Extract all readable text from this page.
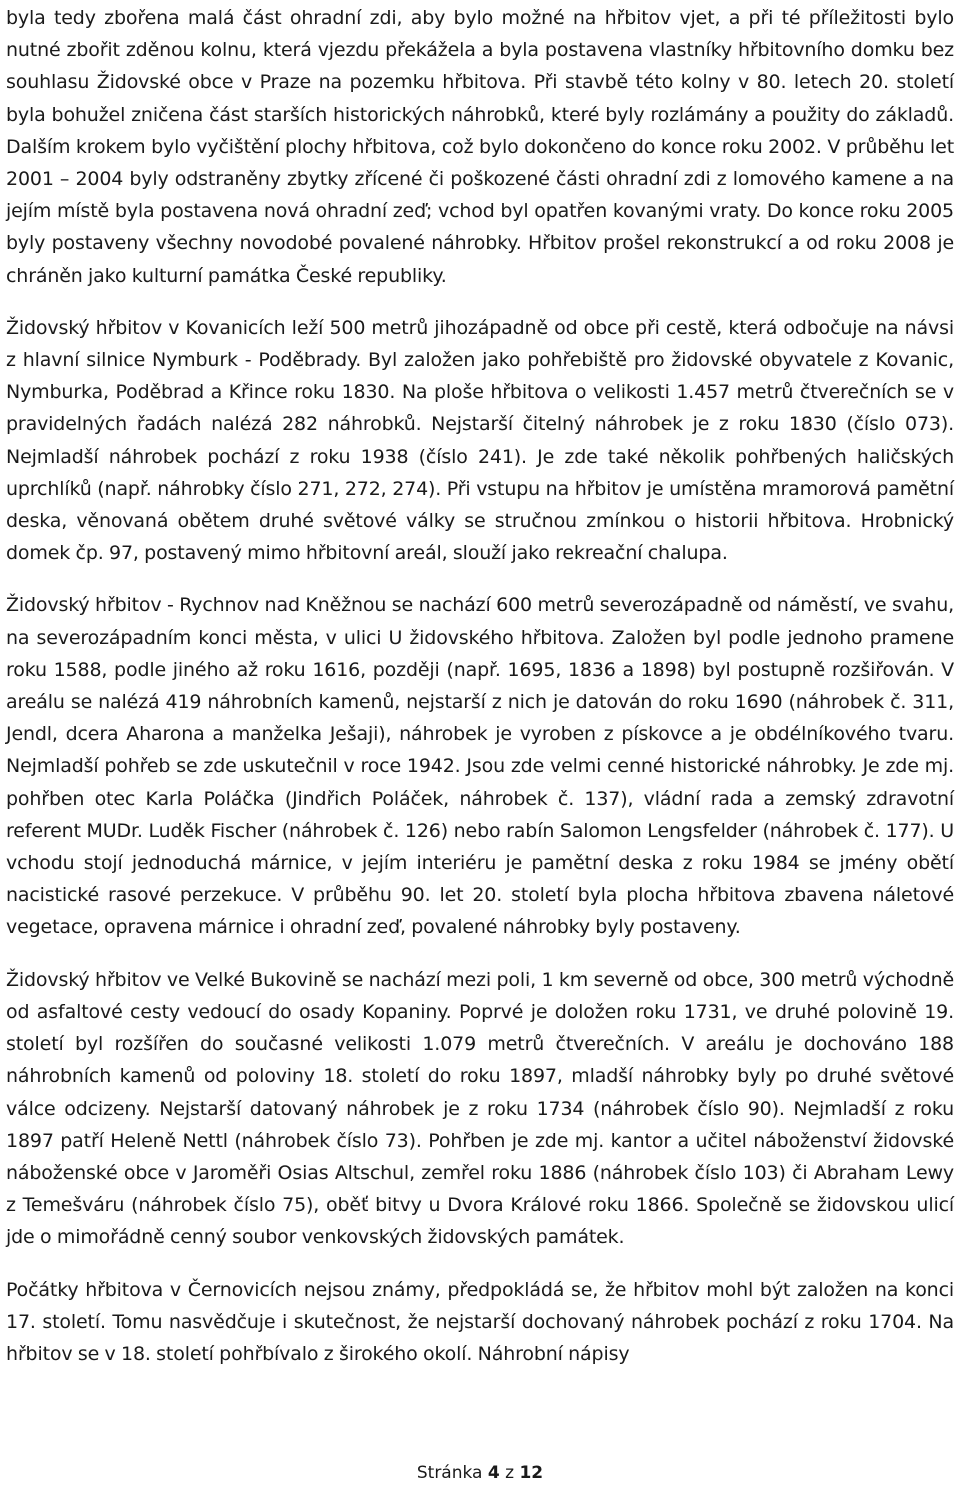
byla tedy zbořena malá část ohradní zdi, aby bylo možné na hřbitov vjet, a při té příležitosti bylo nutné zbořit zděnou kolnu, která vjezdu překážela a byla postavena vlastníky hřbitovního domku bez souhlasu Židovské obce v Praze na pozemku hřbitova. Při stavbě této kolny v 80. letech 20. století byla bohužel zničena část starších historických náhrobků, které byly rozlámány a použity do základů. Dalším krokem bylo vyčištění plochy hřbitova, což bylo dokončeno do konce roku 2002. V průběhu let 2001 – 2004 byly odstraněny zbytky zřícené či poškozené části ohradní zdi z lomového kamene a na jejím místě byla postavena nová ohradní zeď; vchod byl opatřen kovanými vraty. Do konce roku 2005 byly postaveny všechny novodobé povalené náhrobky. Hřbitov prošel rekonstrukcí a od roku 2008 je chráněn jako kulturní památka České republiky.

Židovský hřbitov v Kovanicích leží 500 metrů jihozápadně od obce při cestě, která odbočuje na návsi z hlavní silnice Nymburk - Poděbrady. Byl založen jako pohřebiště pro židovské obyvatele z Kovanic, Nymburka, Poděbrad a Křince roku 1830. Na ploše hřbitova o velikosti 1.457 metrů čtverečních se v pravidelných řadách nalézá 282 náhrobků. Nejstarší čitelný náhrobek je z roku 1830 (číslo 073). Nejmladší náhrobek pochází z roku 1938 (číslo 241). Je zde také několik pohřbených haličských uprchlíků (např. náhrobky číslo 271, 272, 274). Při vstupu na hřbitov je umístěna mramorová pamětní deska, věnovaná obětem druhé světové války se stručnou zmínkou o historii hřbitova. Hrobnický domek čp. 97, postavený mimo hřbitovní areál, slouží jako rekreační chalupa.

Židovský hřbitov - Rychnov nad Kněžnou se nachází 600 metrů severozápadně od náměstí, ve svahu, na severozápadním konci města, v ulici U židovského hřbitova. Založen byl podle jednoho pramene roku 1588, podle jiného až roku 1616, později (např. 1695, 1836 a 1898) byl postupně rozšiřován. V areálu se nalézá 419 náhrobních kamenů, nejstarší z nich je datován do roku 1690 (náhrobek č. 311, Jendl, dcera Aharona a manželka Ješaji), náhrobek je vyroben z pískovce a je obdélníkového tvaru. Nejmladší pohřeb se zde uskutečnil v roce 1942. Jsou zde velmi cenné historické náhrobky. Je zde mj. pohřben otec Karla Poláčka (Jindřich Poláček, náhrobek č. 137), vládní rada a zemský zdravotní referent MUDr. Luděk Fischer (náhrobek č. 126) nebo rabín Salomon Lengsfelder (náhrobek č. 177). U vchodu stojí jednoduchá márnice, v jejím interiéru je pamětní deska z roku 1984 se jmény obětí nacistické rasové perzekuce. V průběhu 90. let 20. století byla plocha hřbitova zbavena náletové vegetace, opravena márnice i ohradní zeď, povalené náhrobky byly postaveny.

Židovský hřbitov ve Velké Bukovině se nachází mezi poli, 1 km severně od obce, 300 metrů východně od asfaltové cesty vedoucí do osady Kopaniny. Poprvé je doložen roku 1731, ve druhé polovině 19. století byl rozšířen do současné velikosti 1.079 metrů čtverečních. V areálu je dochováno 188 náhrobních kamenů od poloviny 18. století do roku 1897, mladší náhrobky byly po druhé světové válce odcizeny. Nejstarší datovaný náhrobek je z roku 1734 (náhrobek číslo 90). Nejmladší z roku 1897 patří Heleně Nettl (náhrobek číslo 73). Pohřben je zde mj. kantor a učitel náboženství židovské náboženské obce v Jaroměři Osias Altschul, zemřel roku 1886 (náhrobek číslo 103) či Abraham Lewy z Temešváru (náhrobek číslo 75), oběť bitvy u Dvora Králové roku 1866. Společně se židovskou ulicí jde o mimořádně cenný soubor venkovských židovských památek.

Počátky hřbitova v Černovicích nejsou známy, předpokládá se, že hřbitov mohl být založen na konci 17. století. Tomu nasvědčuje i skutečnost, že nejstarší dochovaný náhrobek pochází z roku 1704. Na hřbitov se v 18. století pohřbívalo z širokého okolí. Náhrobní nápisy

Stránka 4 z 12
